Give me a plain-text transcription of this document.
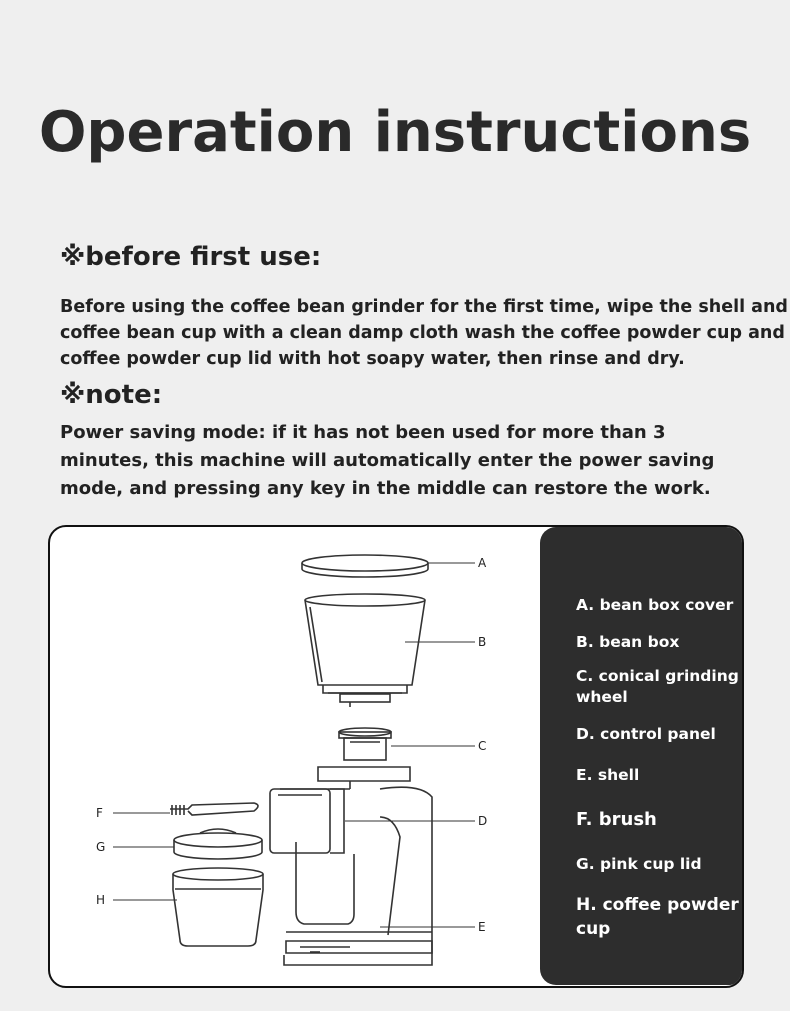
Operation instructions
※before first use:
Before using the coffee bean grinder for the first time, wipe the shell and
coffee bean cup with a clean damp cloth wash the coffee powder cup and
coffee powder cup lid with hot soapy water, then rinse and dry.
※note:
Power saving mode: if it has not been used for more than 3
minutes, this machine will automatically enter the power saving
mode, and pressing any key in the middle can restore the work.
A
B
C
D
E
F
G
H
A. bean box cover
B. bean box
C. conical grinding wheel
D. control panel
E. shell
F. brush
G. pink cup lid
H. coffee powder cup
